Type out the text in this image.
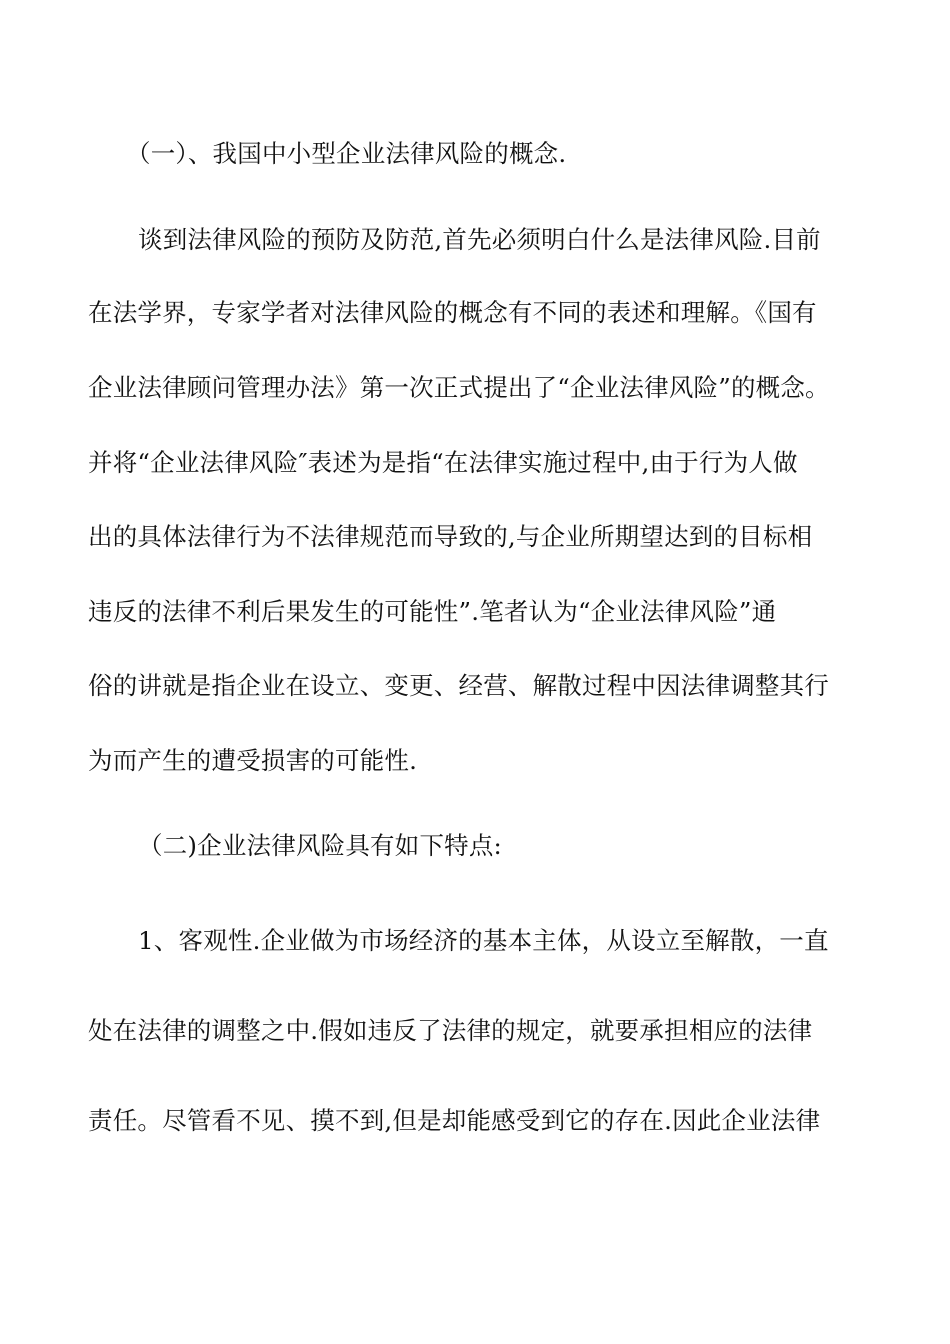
（一）、我国中小型企业法律风险的概念.
谈到法律风险的预防及防范,首先必须明白什么是法律风险.目前
在法学界，专家学者对法律风险的概念有不同的表述和理解。《国有
企业法律顾问管理办法》第一次正式提出了“企业法律风险”的概念。
并将“企业法律风险″表述为是指“在法律实施过程中,由于行为人做
出的具体法律行为不法律规范而导致的,与企业所期望达到的目标相
违反的法律不利后果发生的可能性”.笔者认为“企业法律风险”通
俗的讲就是指企业在设立、变更、经营、解散过程中因法律调整其行
为而产生的遭受损害的可能性.
（二)企业法律风险具有如下特点:
1、客观性.企业做为市场经济的基本主体，从设立至解散，一直
处在法律的调整之中.假如违反了法律的规定，就要承担相应的法律
责任。尽管看不见、摸不到,但是却能感受到它的存在.因此企业法律
